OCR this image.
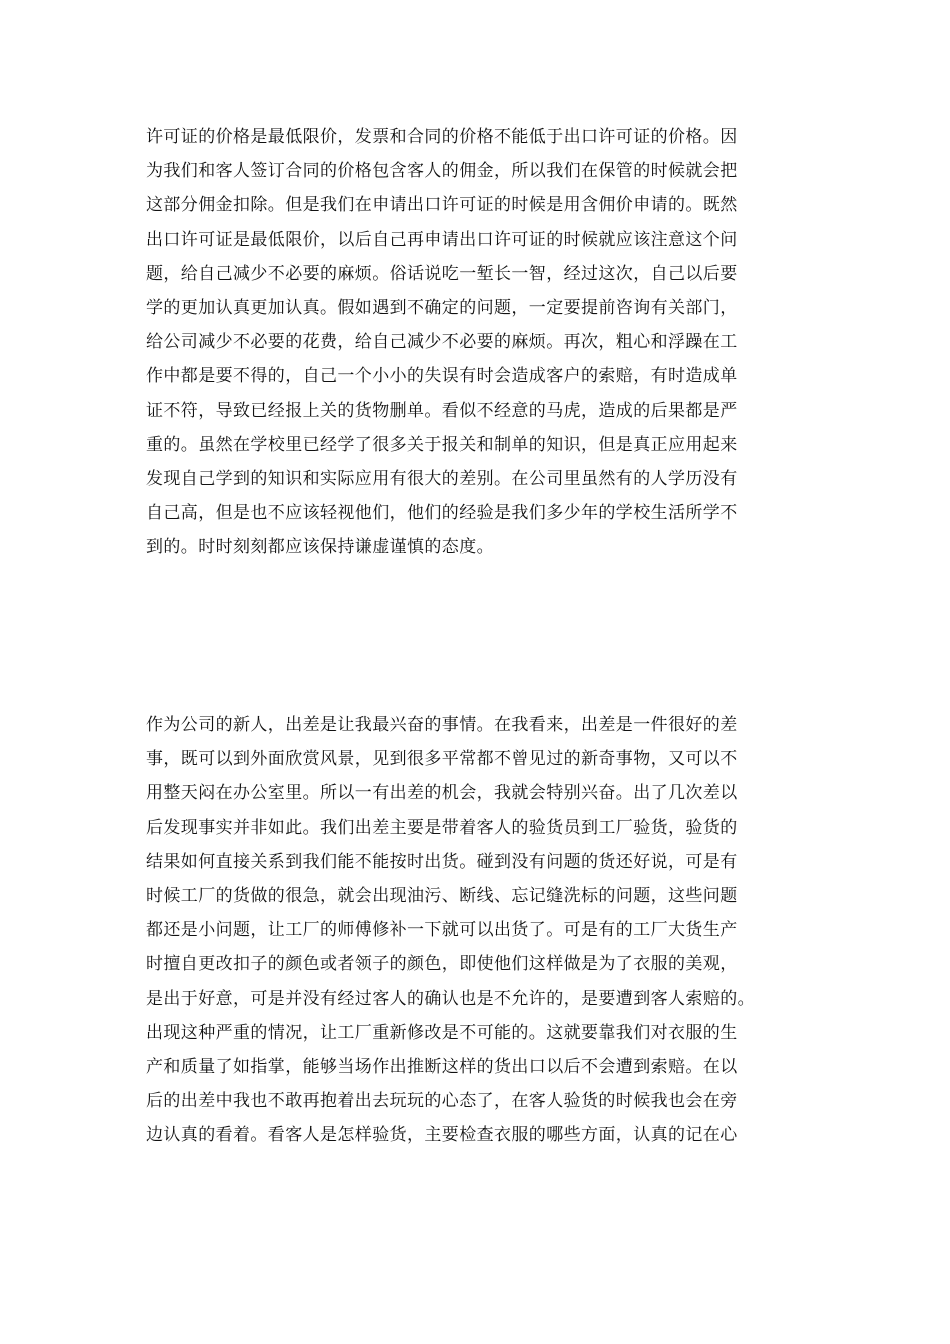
许可证的价格是最低限价，发票和合同的价格不能低于出口许可证的价格。因
为我们和客人签订合同的价格包含客人的佣金，所以我们在保管的时候就会把
这部分佣金扣除。但是我们在申请出口许可证的时候是用含佣价申请的。既然
出口许可证是最低限价，以后自己再申请出口许可证的时候就应该注意这个问
题，给自己减少不必要的麻烦。俗话说吃一堑长一智，经过这次，自己以后要
学的更加认真更加认真。假如遇到不确定的问题，一定要提前咨询有关部门，
给公司减少不必要的花费，给自己减少不必要的麻烦。再次，粗心和浮躁在工
作中都是要不得的，自己一个小小的失误有时会造成客户的索赔，有时造成单
证不符，导致已经报上关的货物删单。看似不经意的马虎，造成的后果都是严
重的。虽然在学校里已经学了很多关于报关和制单的知识，但是真正应用起来
发现自己学到的知识和实际应用有很大的差别。在公司里虽然有的人学历没有
自己高，但是也不应该轻视他们，他们的经验是我们多少年的学校生活所学不
到的。时时刻刻都应该保持谦虚谨慎的态度。
作为公司的新人，出差是让我最兴奋的事情。在我看来，出差是一件很好的差
事，既可以到外面欣赏风景，见到很多平常都不曾见过的新奇事物，又可以不
用整天闷在办公室里。所以一有出差的机会，我就会特别兴奋。出了几次差以
后发现事实并非如此。我们出差主要是带着客人的验货员到工厂验货，验货的
结果如何直接关系到我们能不能按时出货。碰到没有问题的货还好说，可是有
时候工厂的货做的很急，就会出现油污、断线、忘记缝洗标的问题，这些问题
都还是小问题，让工厂的师傅修补一下就可以出货了。可是有的工厂大货生产
时擅自更改扣子的颜色或者领子的颜色，即使他们这样做是为了衣服的美观，
是出于好意，可是并没有经过客人的确认也是不允许的，是要遭到客人索赔的。
出现这种严重的情况，让工厂重新修改是不可能的。这就要靠我们对衣服的生
产和质量了如指掌，能够当场作出推断这样的货出口以后不会遭到索赔。在以
后的出差中我也不敢再抱着出去玩玩的心态了，在客人验货的时候我也会在旁
边认真的看着。看客人是怎样验货，主要检查衣服的哪些方面，认真的记在心
